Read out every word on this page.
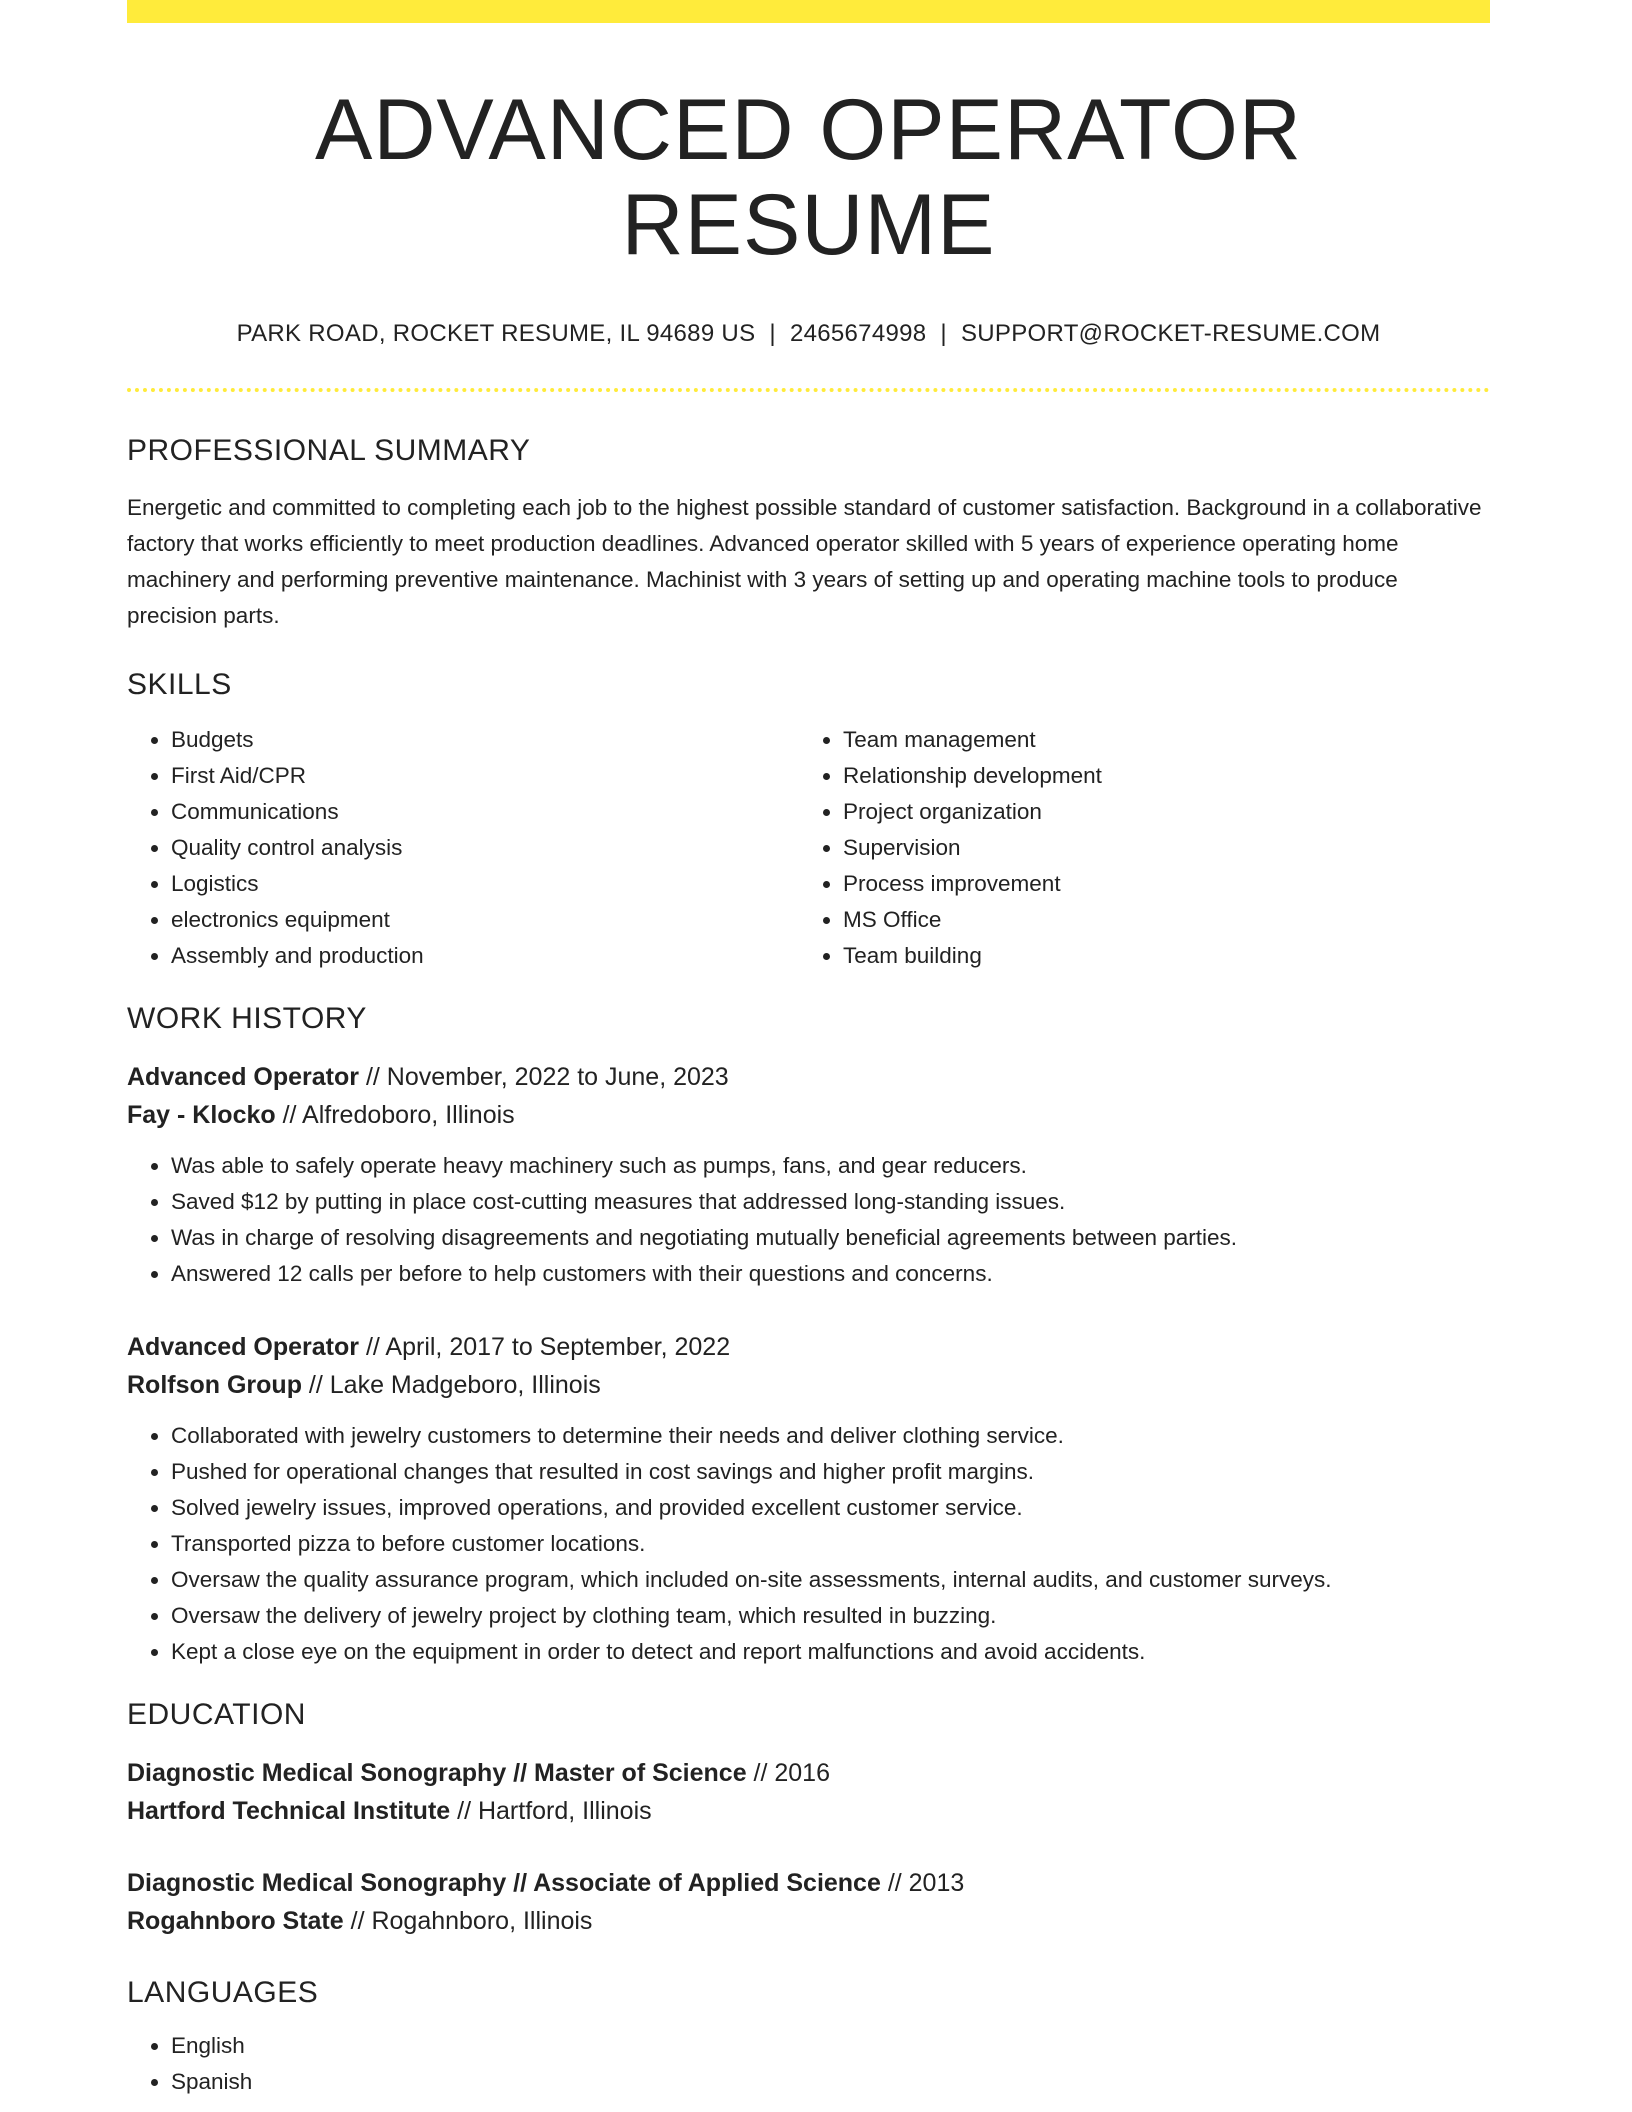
ADVANCED OPERATOR RESUME
PARK ROAD, ROCKET RESUME, IL 94689 US | 2465674998 | SUPPORT@ROCKET-RESUME.COM
PROFESSIONAL SUMMARY
Energetic and committed to completing each job to the highest possible standard of customer satisfaction. Background in a collaborative factory that works efficiently to meet production deadlines. Advanced operator skilled with 5 years of experience operating home machinery and performing preventive maintenance. Machinist with 3 years of setting up and operating machine tools to produce precision parts.
SKILLS
• Budgets
• First Aid/CPR
• Communications
• Quality control analysis
• Logistics
• electronics equipment
• Assembly and production
• Team management
• Relationship development
• Project organization
• Supervision
• Process improvement
• MS Office
• Team building
WORK HISTORY
Advanced Operator // November, 2022 to June, 2023
Fay - Klocko // Alfredoboro, Illinois
• Was able to safely operate heavy machinery such as pumps, fans, and gear reducers.
• Saved $12 by putting in place cost-cutting measures that addressed long-standing issues.
• Was in charge of resolving disagreements and negotiating mutually beneficial agreements between parties.
• Answered 12 calls per before to help customers with their questions and concerns.
Advanced Operator // April, 2017 to September, 2022
Rolfson Group // Lake Madgeboro, Illinois
• Collaborated with jewelry customers to determine their needs and deliver clothing service.
• Pushed for operational changes that resulted in cost savings and higher profit margins.
• Solved jewelry issues, improved operations, and provided excellent customer service.
• Transported pizza to before customer locations.
• Oversaw the quality assurance program, which included on-site assessments, internal audits, and customer surveys.
• Oversaw the delivery of jewelry project by clothing team, which resulted in buzzing.
• Kept a close eye on the equipment in order to detect and report malfunctions and avoid accidents.
EDUCATION
Diagnostic Medical Sonography // Master of Science // 2016
Hartford Technical Institute // Hartford, Illinois
Diagnostic Medical Sonography // Associate of Applied Science // 2013
Rogahnboro State // Rogahnboro, Illinois
LANGUAGES
• English
• Spanish
